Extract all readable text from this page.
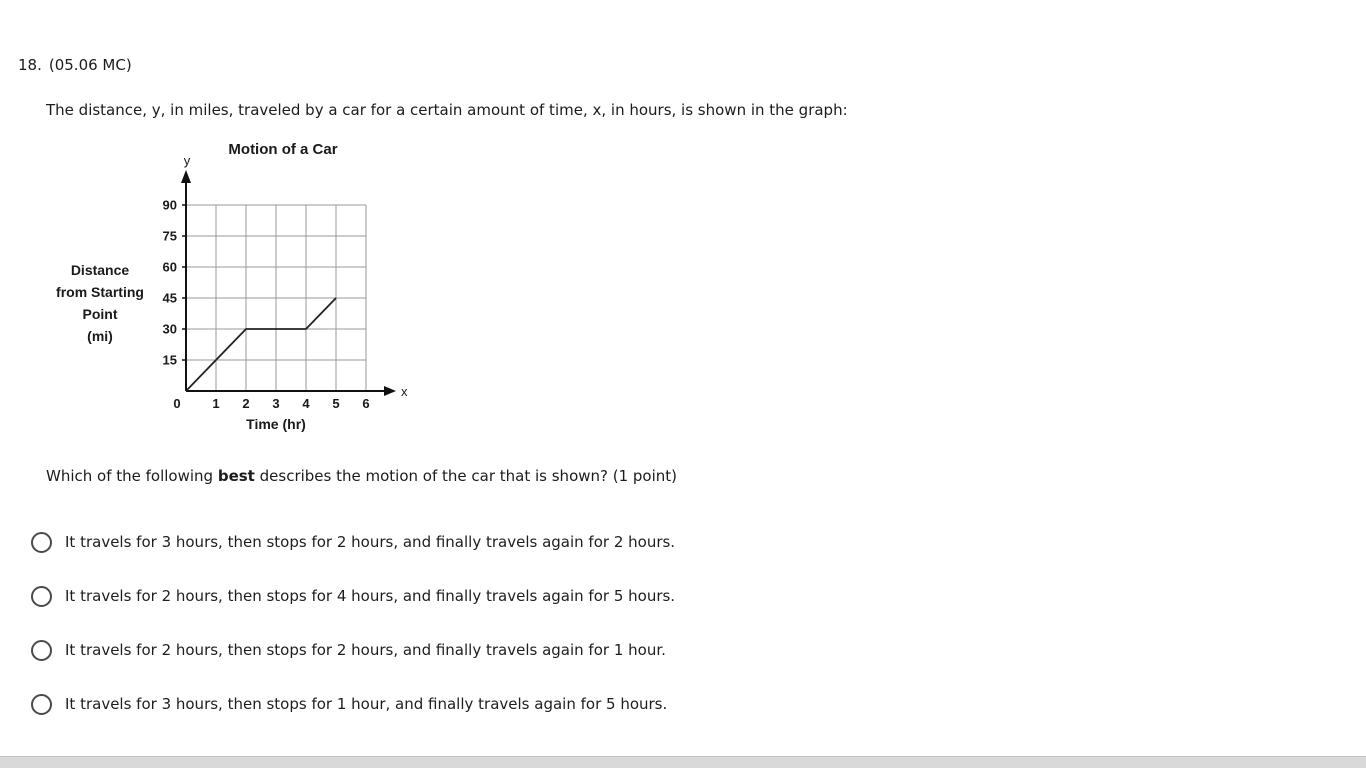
18. (05.06 MC)
The distance, y, in miles, traveled by a car for a certain amount of time, x, in hours, is shown in the graph:
y
x
15
30
45
60
75
90
0 1 2 3 4 5 6
Motion of a Car
Distance
from Starting
Point
(mi)
Time (hr)
Which of the following best describes the motion of the car that is shown? (1 point)
It travels for 3 hours, then stops for 2 hours, and finally travels again for 2 hours.
It travels for 2 hours, then stops for 4 hours, and finally travels again for 5 hours.
It travels for 2 hours, then stops for 2 hours, and finally travels again for 1 hour.
It travels for 3 hours, then stops for 1 hour, and finally travels again for 5 hours.
